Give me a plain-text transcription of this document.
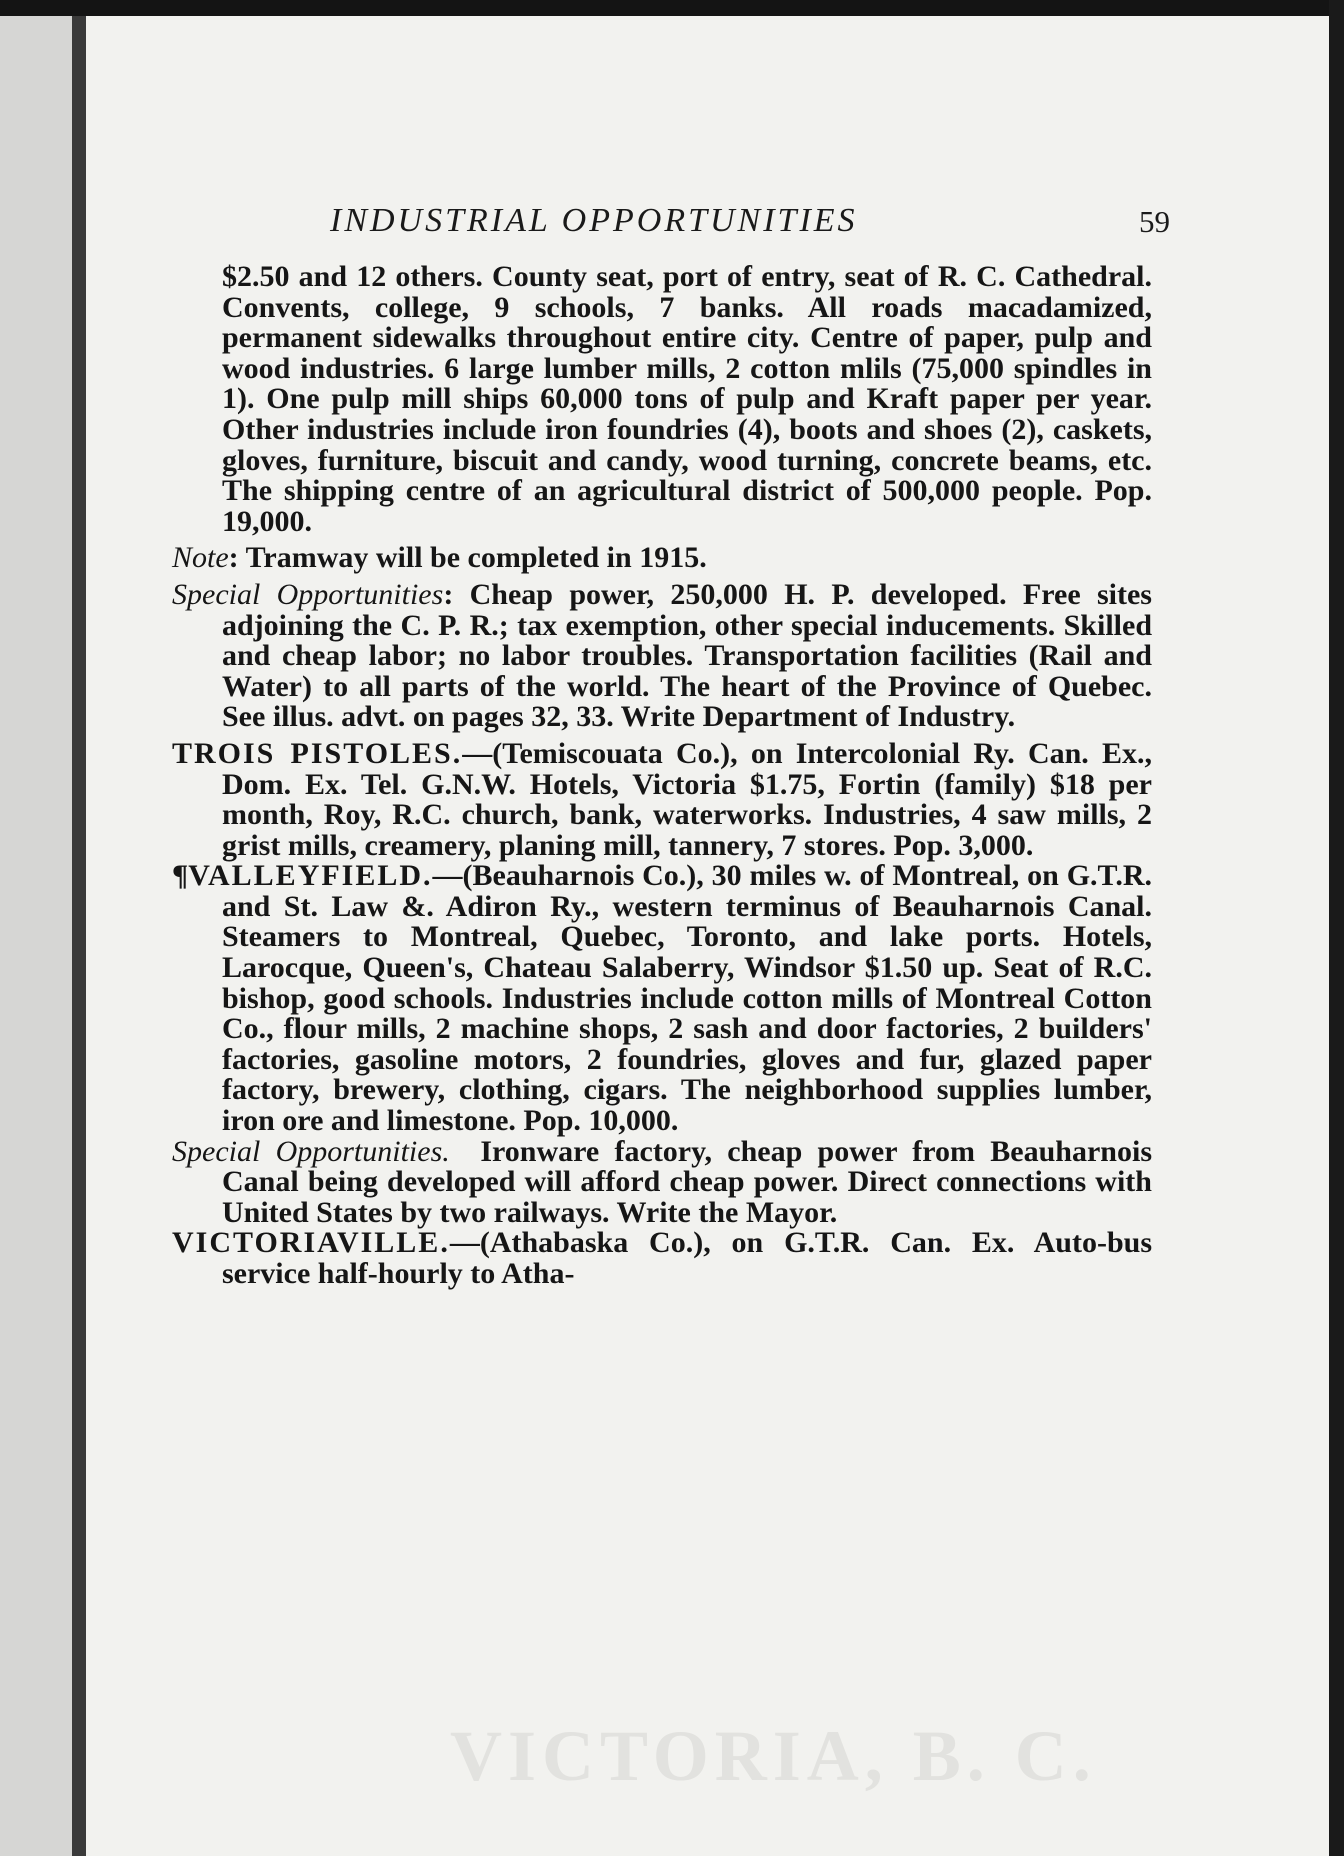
VICTORIA, B. C.
INDUSTRIAL OPPORTUNITIES	59

$2.50 and 12 others. County seat, port of entry, seat of R. C. Cathedral. Convents, college, 9 schools, 7 banks. All roads macadamized, permanent sidewalks throughout entire city. Centre of paper, pulp and wood industries. 6 large lumber mills, 2 cotton mlils (75,000 spindles in 1). One pulp mill ships 60,000 tons of pulp and Kraft paper per year. Other industries include iron foundries (4), boots and shoes (2), caskets, gloves, furniture, biscuit and candy, wood turning, concrete beams, etc. The shipping centre of an agricultural district of 500,000 people. Pop. 19,000.

Note: Tramway will be completed in 1915.

Special Opportunities: Cheap power, 250,000 H. P. developed. Free sites adjoining the C. P. R.; tax exemption, other special inducements. Skilled and cheap labor; no labor troubles. Transportation facilities (Rail and Water) to all parts of the world. The heart of the Province of Quebec. See illus. advt. on pages 32, 33. Write Department of Industry.

TROIS PISTOLES.—(Temiscouata Co.), on Intercolonial Ry. Can. Ex., Dom. Ex. Tel. G.N.W. Hotels, Victoria $1.75, Fortin (family) $18 per month, Roy, R.C. church, bank, waterworks. Industries, 4 saw mills, 2 grist mills, creamery, planing mill, tannery, 7 stores. Pop. 3,000.

¶VALLEYFIELD.—(Beauharnois Co.), 30 miles w. of Montreal, on G.T.R. and St. Law &. Adiron Ry., western terminus of Beauharnois Canal. Steamers to Montreal, Quebec, Toronto, and lake ports. Hotels, Larocque, Queen's, Chateau Salaberry, Windsor $1.50 up. Seat of R.C. bishop, good schools. Industries include cotton mills of Montreal Cotton Co., flour mills, 2 machine shops, 2 sash and door factories, 2 builders' factories, gasoline motors, 2 foundries, gloves and fur, glazed paper factory, brewery, clothing, cigars. The neighborhood supplies lumber, iron ore and limestone. Pop. 10,000.

Special Opportunities. Ironware factory, cheap power from Beauharnois Canal being developed will afford cheap power. Direct connections with United States by two railways. Write the Mayor.

VICTORIAVILLE.—(Athabaska Co.), on G.T.R. Can. Ex. Auto-bus service half-hourly to Atha-
